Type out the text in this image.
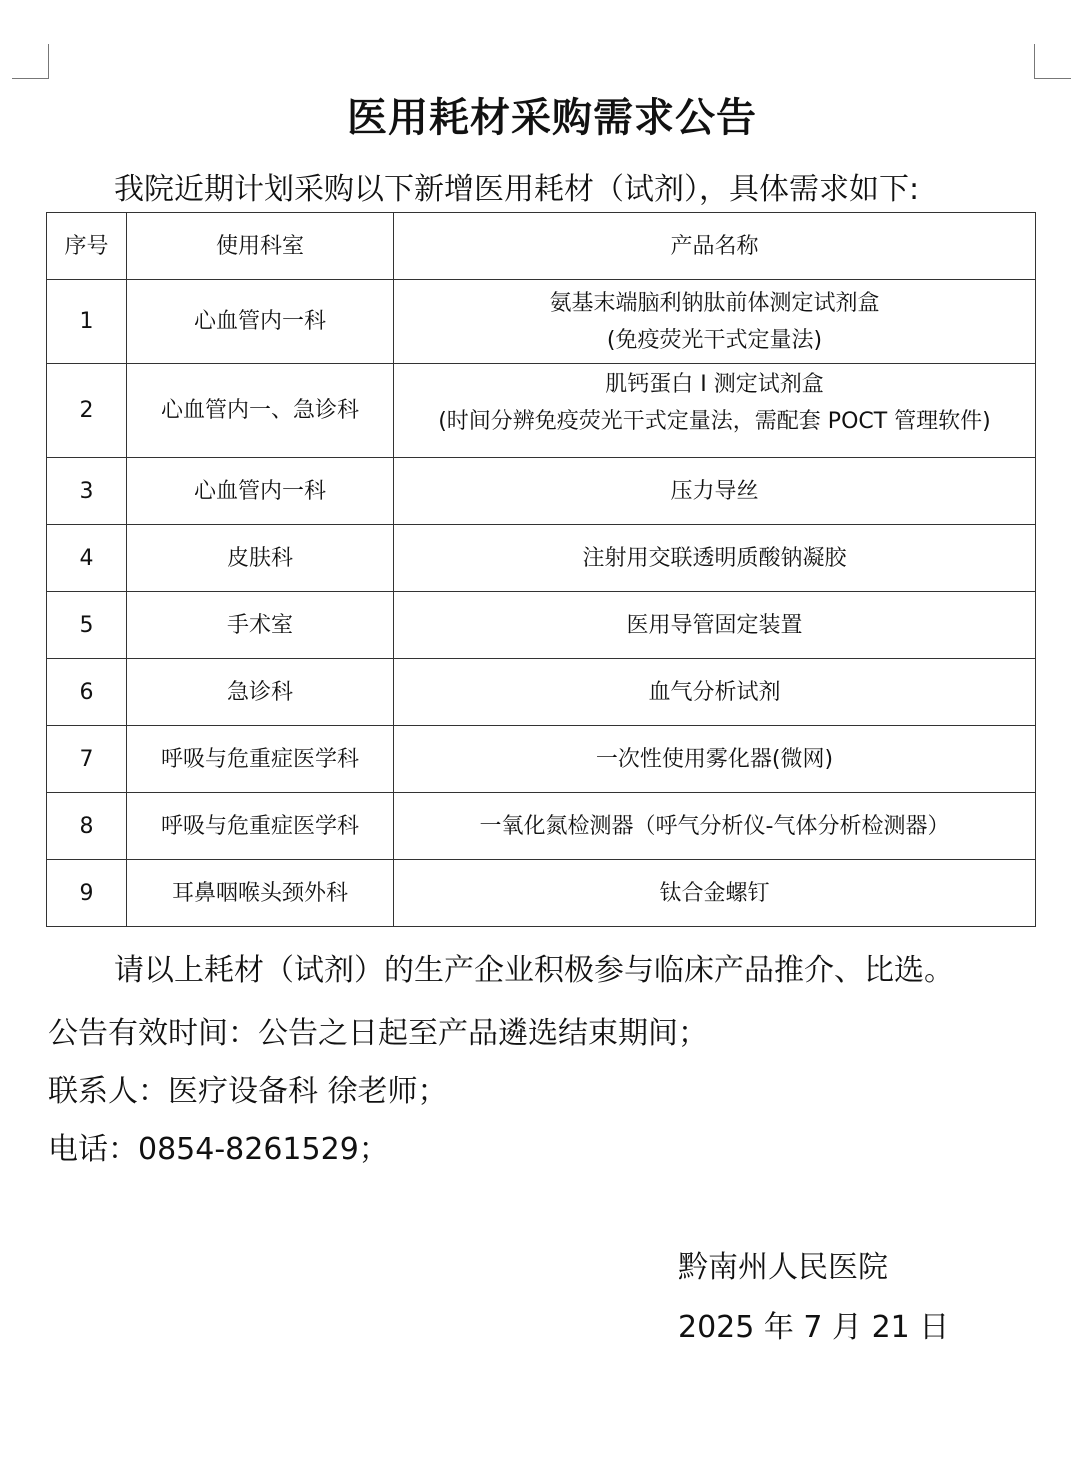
医用耗材采购需求公告
我院近期计划采购以下新增医用耗材（试剂），具体需求如下:
序号	使用科室	产品名称
1	心血管内一科	氨基末端脑利钠肽前体测定试剂盒
(免疫荧光干式定量法)

2	心血管内一、急诊科	肌钙蛋白 I 测定试剂盒
(时间分辨免疫荧光干式定量法，需配套 POCT 管理软件)

3	心血管内一科	压力导丝
4	皮肤科	注射用交联透明质酸钠凝胶
5	手术室	医用导管固定装置
6	急诊科	血气分析试剂
7	呼吸与危重症医学科	一次性使用雾化器(微网)
8	呼吸与危重症医学科	一氧化氮检测器（呼气分析仪-气体分析检测器）
9	耳鼻咽喉头颈外科	钛合金螺钉
请以上耗材（试剂）的生产企业积极参与临床产品推介、比选。
公告有效时间：公告之日起至产品遴选结束期间；
联系人：医疗设备科 徐老师；
电话：0854-8261529；
黔南州人民医院
2025 年 7 月 21 日
